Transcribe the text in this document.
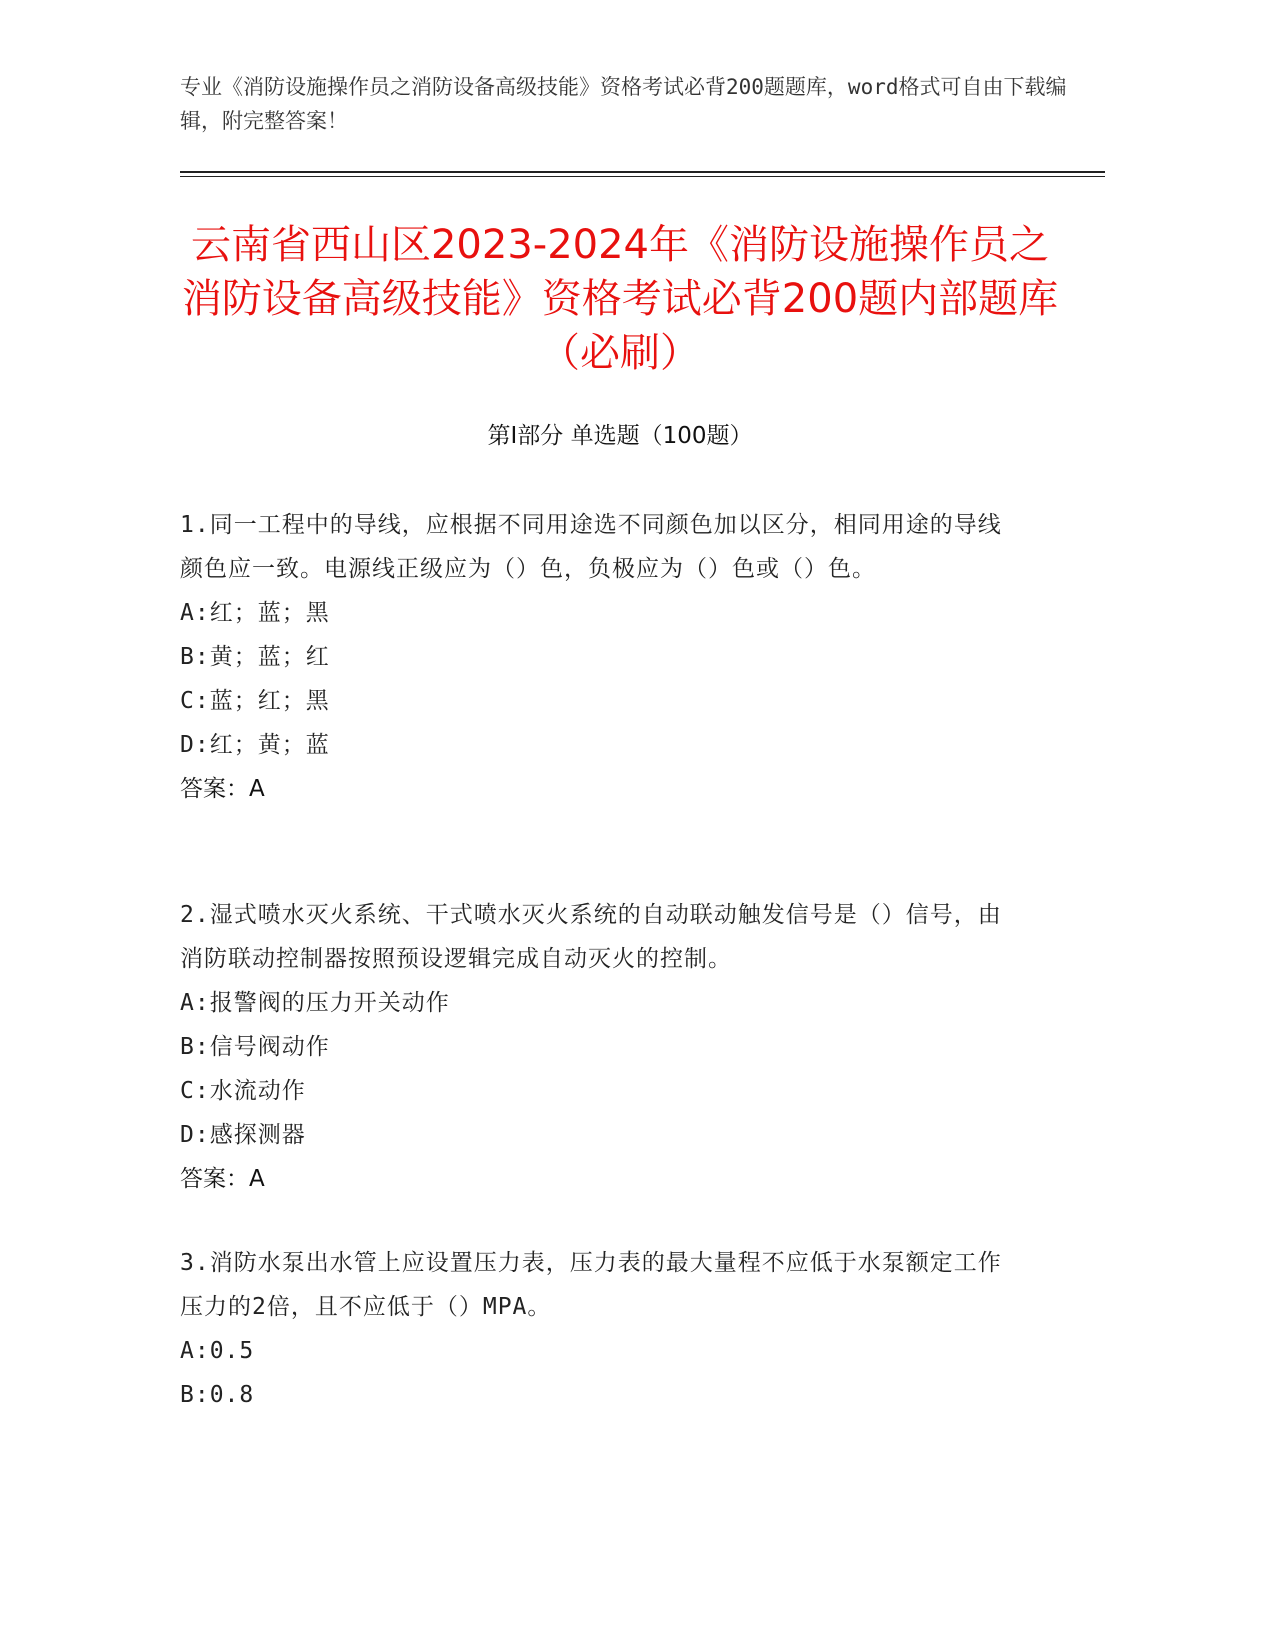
专业《消防设施操作员之消防设备高级技能》资格考试必背200题题库，word格式可自由下载编辑，附完整答案！
云南省西山区2023-2024年《消防设施操作员之消防设备高级技能》资格考试必背200题内部题库（必刷）
第Ⅰ部分 单选题（100题）
1.同一工程中的导线，应根据不同用途选不同颜色加以区分，相同用途的导线颜色应一致。电源线正级应为（）色，负极应为（）色或（）色。
A:红；蓝；黑
B:黄；蓝；红
C:蓝；红；黑
D:红；黄；蓝
答案：A
2.湿式喷水灭火系统、干式喷水灭火系统的自动联动触发信号是（）信号，由消防联动控制器按照预设逻辑完成自动灭火的控制。
A:报警阀的压力开关动作
B:信号阀动作
C:水流动作
D:感探测器
答案：A
3.消防水泵出水管上应设置压力表，压力表的最大量程不应低于水泵额定工作压力的2倍，且不应低于（）MPA。
A:0.5
B:0.8
